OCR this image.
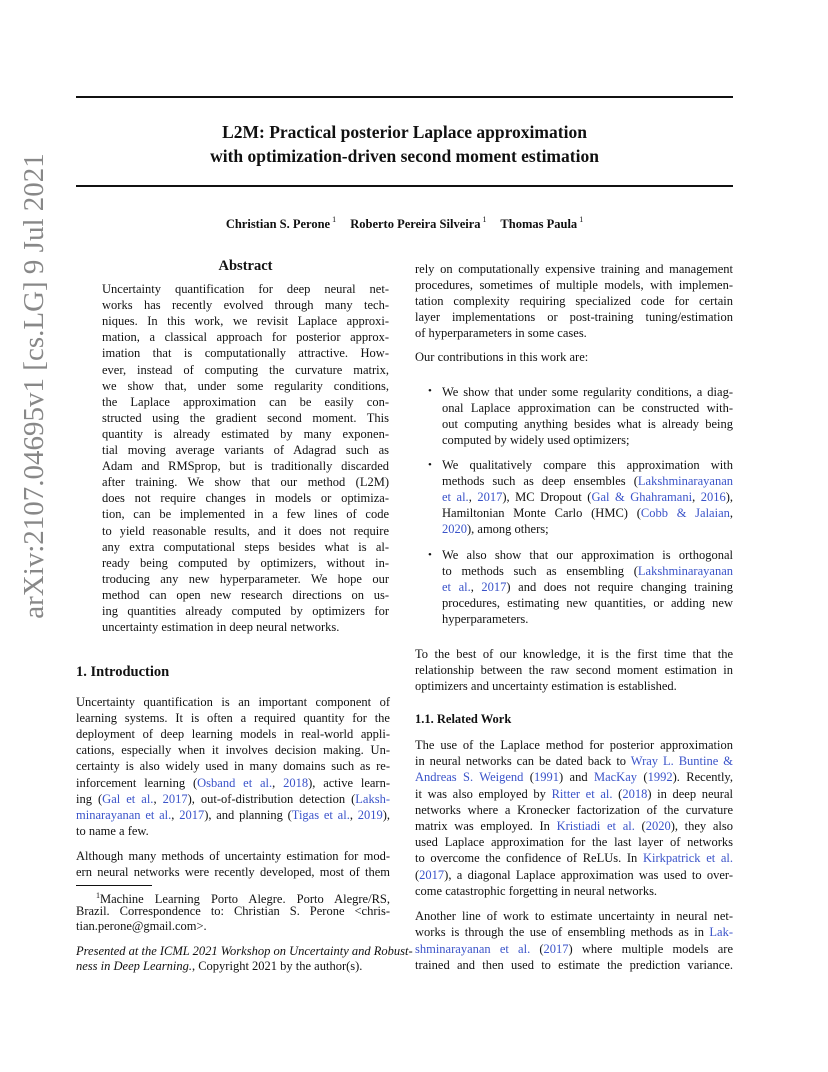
arXiv:2107.04695v1 [cs.LG] 9 Jul 2021
L2M: Practical posterior Laplace approximation
with optimization-driven second moment estimation
Christian S. Perone $^1$ Roberto Pereira Silveira $^1$ Thomas Paula $^1$
Abstract
1. Introduction
1.1. Related Work
•
•
•
Uncertainty quantification for deep neural net-
works has recently evolved through many tech-
niques. In this work, we revisit Laplace approxi-
mation, a classical approach for posterior approx-
imation that is computationally attractive. How-
ever, instead of computing the curvature matrix,
we show that, under some regularity conditions,
the Laplace approximation can be easily con-
structed using the gradient second moment. This
quantity is already estimated by many exponen-
tial moving average variants of Adagrad such as
Adam and RMSprop, but is traditionally discarded
after training. We show that our method (L2M)
does not require changes in models or optimiza-
tion, can be implemented in a few lines of code
to yield reasonable results, and it does not require
any extra computational steps besides what is al-
ready being computed by optimizers, without in-
troducing any new hyperparameter. We hope our
method can open new research directions on us-
ing quantities already computed by optimizers for
uncertainty estimation in deep neural networks.
Uncertainty quantification is an important component of
learning systems. It is often a required quantity for the
deployment of deep learning models in real-world appli-
cations, especially when it involves decision making. Un-
certainty is also widely used in many domains such as re-
inforcement learning (Osband et al., 2018), active learn-
ing (Gal et al., 2017), out-of-distribution detection (Laksh-
minarayanan et al., 2017), and planning (Tigas et al., 2019),
to name a few.
Although many methods of uncertainty estimation for mod-
ern neural networks were recently developed, most of them
$^1$Machine Learning Porto Alegre. Porto Alegre/RS,
Brazil. Correspondence to: Christian S. Perone <chris-
tian.perone@gmail.com>.
Presented at the ICML 2021 Workshop on Uncertainty and Robust-
ness in Deep Learning., Copyright 2021 by the author(s).
rely on computationally expensive training and management
procedures, sometimes of multiple models, with implemen-
tation complexity requiring specialized code for certain
layer implementations or post-training tuning/estimation
of hyperparameters in some cases.
Our contributions in this work are:
We show that under some regularity conditions, a diag-
onal Laplace approximation can be constructed with-
out computing anything besides what is already being
computed by widely used optimizers;
We qualitatively compare this approximation with
methods such as deep ensembles (Lakshminarayanan
et al., 2017), MC Dropout (Gal & Ghahramani, 2016),
Hamiltonian Monte Carlo (HMC) (Cobb & Jalaian,
2020), among others;
We also show that our approximation is orthogonal
to methods such as ensembling (Lakshminarayanan
et al., 2017) and does not require changing training
procedures, estimating new quantities, or adding new
hyperparameters.
To the best of our knowledge, it is the first time that the
relationship between the raw second moment estimation in
optimizers and uncertainty estimation is established.
The use of the Laplace method for posterior approximation
in neural networks can be dated back to Wray L. Buntine &
Andreas S. Weigend (1991) and MacKay (1992). Recently,
it was also employed by Ritter et al. (2018) in deep neural
networks where a Kronecker factorization of the curvature
matrix was employed. In Kristiadi et al. (2020), they also
used Laplace approximation for the last layer of networks
to overcome the confidence of ReLUs. In Kirkpatrick et al.
(2017), a diagonal Laplace approximation was used to over-
come catastrophic forgetting in neural networks.
Another line of work to estimate uncertainty in neural net-
works is through the use of ensembling methods as in Lak-
shminarayanan et al. (2017) where multiple models are
trained and then used to estimate the prediction variance.
